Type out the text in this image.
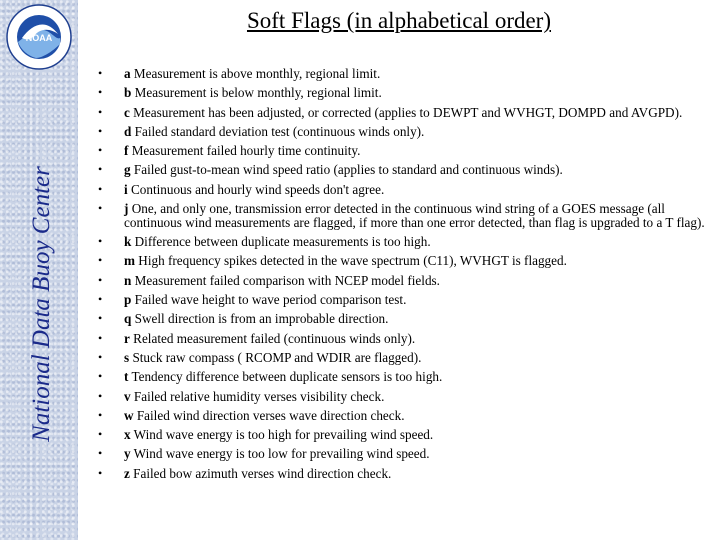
NOAA
National Data Buoy Center
Soft Flags (in alphabetical order)
• a Measurement is above monthly, regional limit.
• b Measurement is below monthly, regional limit.
• c Measurement has been adjusted, or corrected (applies to DEWPT and WVHGT, DOMPD and AVGPD).
• d Failed standard deviation test (continuous winds only).
• f Measurement failed hourly time continuity.
• g Failed gust-to-mean wind speed ratio (applies to standard and continuous winds).
• i Continuous and hourly wind speeds don't agree.
• j One, and only one, transmission error detected in the continuous wind string of a GOES message (all continuous wind measurements are flagged, if more than one error detected, than flag is upgraded to a T flag).
• k Difference between duplicate measurements is too high.
• m High frequency spikes detected in the wave spectrum (C11), WVHGT is flagged.
• n Measurement failed comparison with NCEP model fields.
• p Failed wave height to wave period comparison test.
• q Swell direction is from an improbable direction.
• r Related measurement failed (continuous winds only).
• s Stuck raw compass ( RCOMP and WDIR are flagged).
• t Tendency difference between duplicate sensors is too high.
• v Failed relative humidity verses visibility check.
• w Failed wind direction verses wave direction check.
• x Wind wave energy is too high for prevailing wind speed.
• y Wind wave energy is too low for prevailing wind speed.
• z Failed bow azimuth verses wind direction check.
